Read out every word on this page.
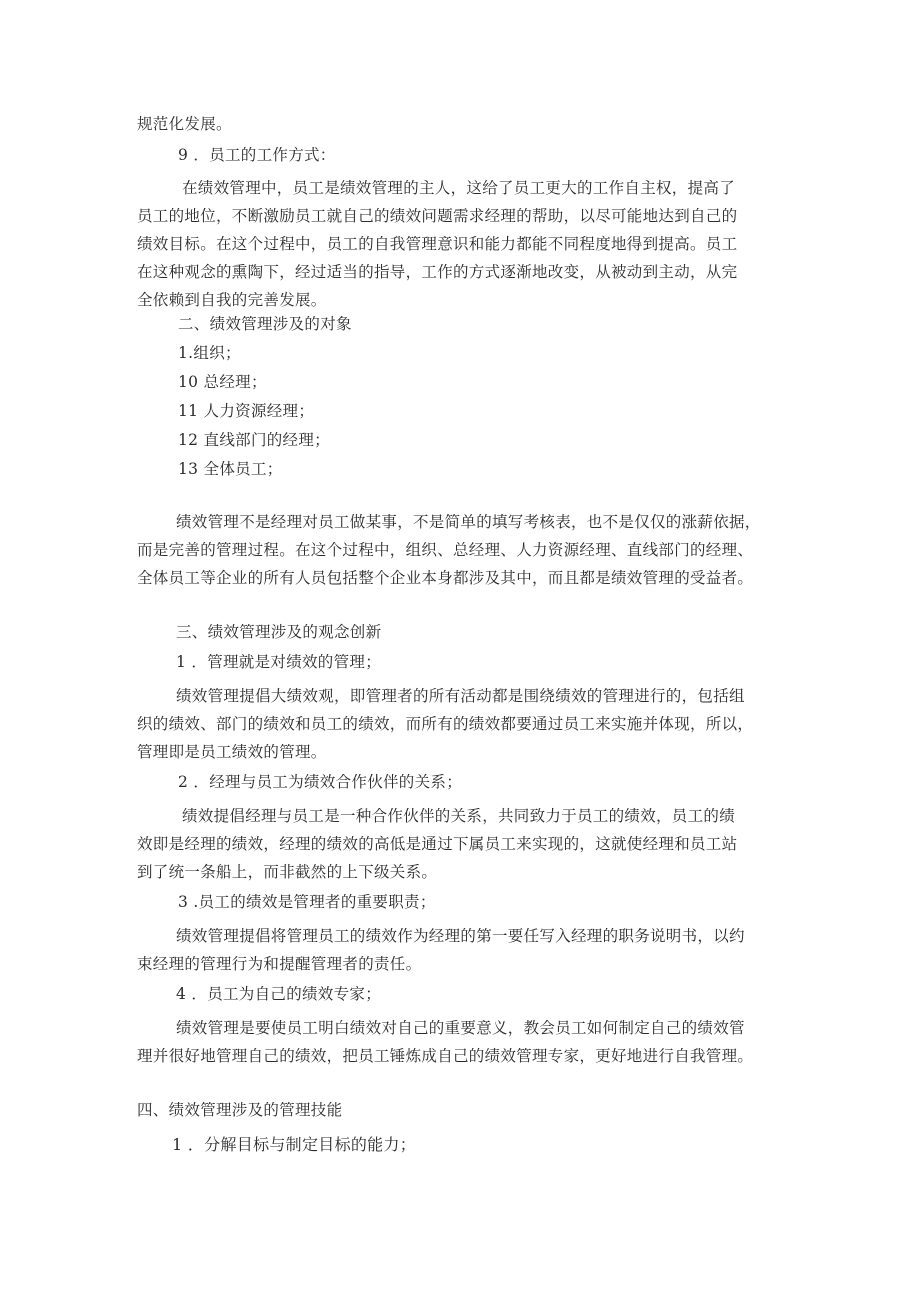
规范化发展。
9 ．员工的工作方式：
在绩效管理中，员工是绩效管理的主人，这给了员工更大的工作自主权，提高了
员工的地位，不断激励员工就自己的绩效问题需求经理的帮助，以尽可能地达到自己的
绩效目标。在这个过程中，员工的自我管理意识和能力都能不同程度地得到提高。员工
在这种观念的熏陶下，经过适当的指导，工作的方式逐渐地改变，从被动到主动，从完
全依赖到自我的完善发展。
二、绩效管理涉及的对象
1.组织；
10 总经理；
11 人力资源经理；
12 直线部门的经理；
13 全体员工；
绩效管理不是经理对员工做某事，不是简单的填写考核表，也不是仅仅的涨薪依据，
而是完善的管理过程。在这个过程中，组织、总经理、人力资源经理、直线部门的经理、
全体员工等企业的所有人员包括整个企业本身都涉及其中，而且都是绩效管理的受益者。
三、绩效管理涉及的观念创新
1 ．管理就是对绩效的管理；
绩效管理提倡大绩效观，即管理者的所有活动都是围绕绩效的管理进行的，包括组
织的绩效、部门的绩效和员工的绩效，而所有的绩效都要通过员工来实施并体现，所以，
管理即是员工绩效的管理。
2 ．经理与员工为绩效合作伙伴的关系；
绩效提倡经理与员工是一种合作伙伴的关系，共同致力于员工的绩效，员工的绩
效即是经理的绩效，经理的绩效的高低是通过下属员工来实现的，这就使经理和员工站
到了统一条船上，而非截然的上下级关系。
3 .员工的绩效是管理者的重要职责；
绩效管理提倡将管理员工的绩效作为经理的第一要任写入经理的职务说明书，以约
束经理的管理行为和提醒管理者的责任。
4 ．员工为自己的绩效专家；
绩效管理是要使员工明白绩效对自己的重要意义，教会员工如何制定自己的绩效管
理并很好地管理自己的绩效，把员工锤炼成自己的绩效管理专家，更好地进行自我管理。
四、绩效管理涉及的管理技能
1 ．分解目标与制定目标的能力；
